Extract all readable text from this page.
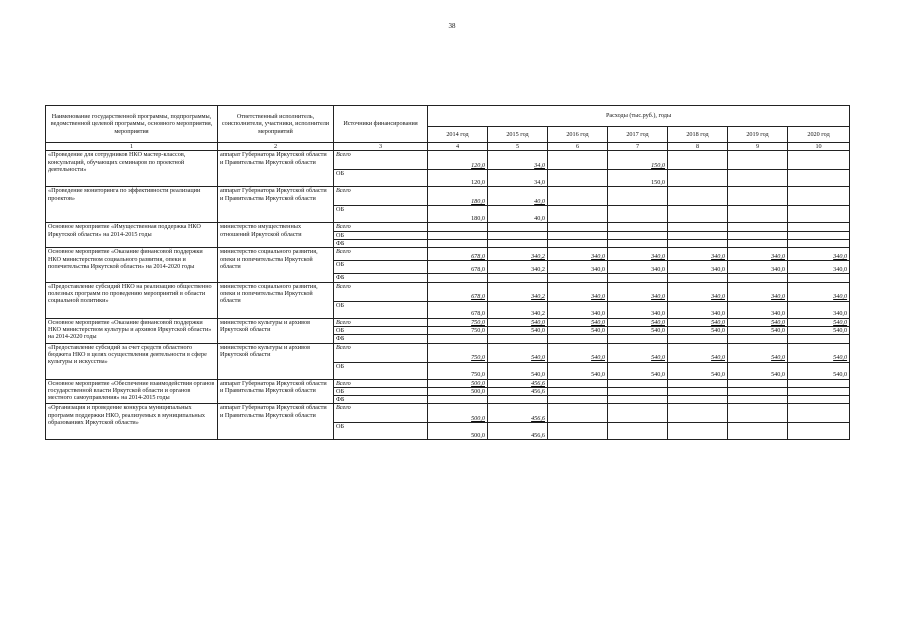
38
Наименование государственной программы, подпрограммы, ведомственной целевой программы, основного мероприятия, мероприятия	Ответственный исполнитель, соисполнители, участники, исполнители мероприятий	Источники финансирования	Расходы (тыс.руб.), годы						
			2014 год	2015 год	2016 год	2017 год	2018 год	2019 год	2020 год
1	2	3	4	5	6	7	8	9	10
«Проведение для сотрудников НКО мастер-классов, консультаций, обучающих семинаров по проектной деятельности»	аппарат Губернатора Иркутской области и Правительства Иркутской области	Всего	120,0	34,0		150,0			
		ОБ	120,0	34,0		150,0			
«Проведение мониторинга по эффективности реализации проектов»	аппарат Губернатора Иркутской области и Правительства Иркутской области	Всего	180,0	40,0					
		ОБ	180,0	40,0					
Основное мероприятие «Имущественная поддержка НКО Иркутской области» на 2014-2015 годы	министерство имущественных отношений Иркутской области	Всего							
		ОБ							
		ФБ							
Основное мероприятие «Оказание финансовой поддержки НКО министерством социального развития, опеки и попечительства Иркутской области» на 2014-2020 годы	министерство социального развития, опеки и попечительства Иркутской области	Всего	678,0	340,2	340,0	340,0	340,0	340,0	340,0
		ОБ	678,0	340,2	340,0	340,0	340,0	340,0	340,0
		ФБ							
«Предоставление субсидий НКО на реализацию общественно полезных программ по проведению мероприятий в области социальной политики»	министерство социального развития, опеки и попечительства Иркутской области	Всего	678,0	340,2	340,0	340,0	340,0	340,0	340,0
		ОБ	678,0	340,2	340,0	340,0	340,0	340,0	340,0
Основное мероприятие «Оказание финансовой поддержки НКО министерством культуры и архивов Иркутской области» на 2014-2020 годы	министерство культуры и архивов Иркутской области	Всего	750,0	540,0	540,0	540,0	540,0	540,0	540,0
		ОБ	750,0	540,0	540,0	540,0	540,0	540,0	540,0
		ФБ							
«Предоставление субсидий за счет средств областного бюджета НКО в целях осуществления деятельности в сфере культуры и искусства»	министерство культуры и архивов Иркутской области	Всего	750,0	540,0	540,0	540,0	540,0	540,0	540,0
		ОБ	750,0	540,0	540,0	540,0	540,0	540,0	540,0
Основное мероприятие «Обеспечение взаимодействия органов государственной власти Иркутской области и органов местного самоуправления» на 2014-2015 годы	аппарат Губернатора Иркутской области и Правительства Иркутской области	Всего	500,0	456,6					
		ОБ	500,0	456,6					
		ФБ							
«Организация и проведение конкурса муниципальных программ поддержки НКО, реализуемых в муниципальных образованиях Иркутской области»	аппарат Губернатора Иркутской области и Правительства Иркутской области	Всего	500,0	456,6					
		ОБ	500,0	456,6					
